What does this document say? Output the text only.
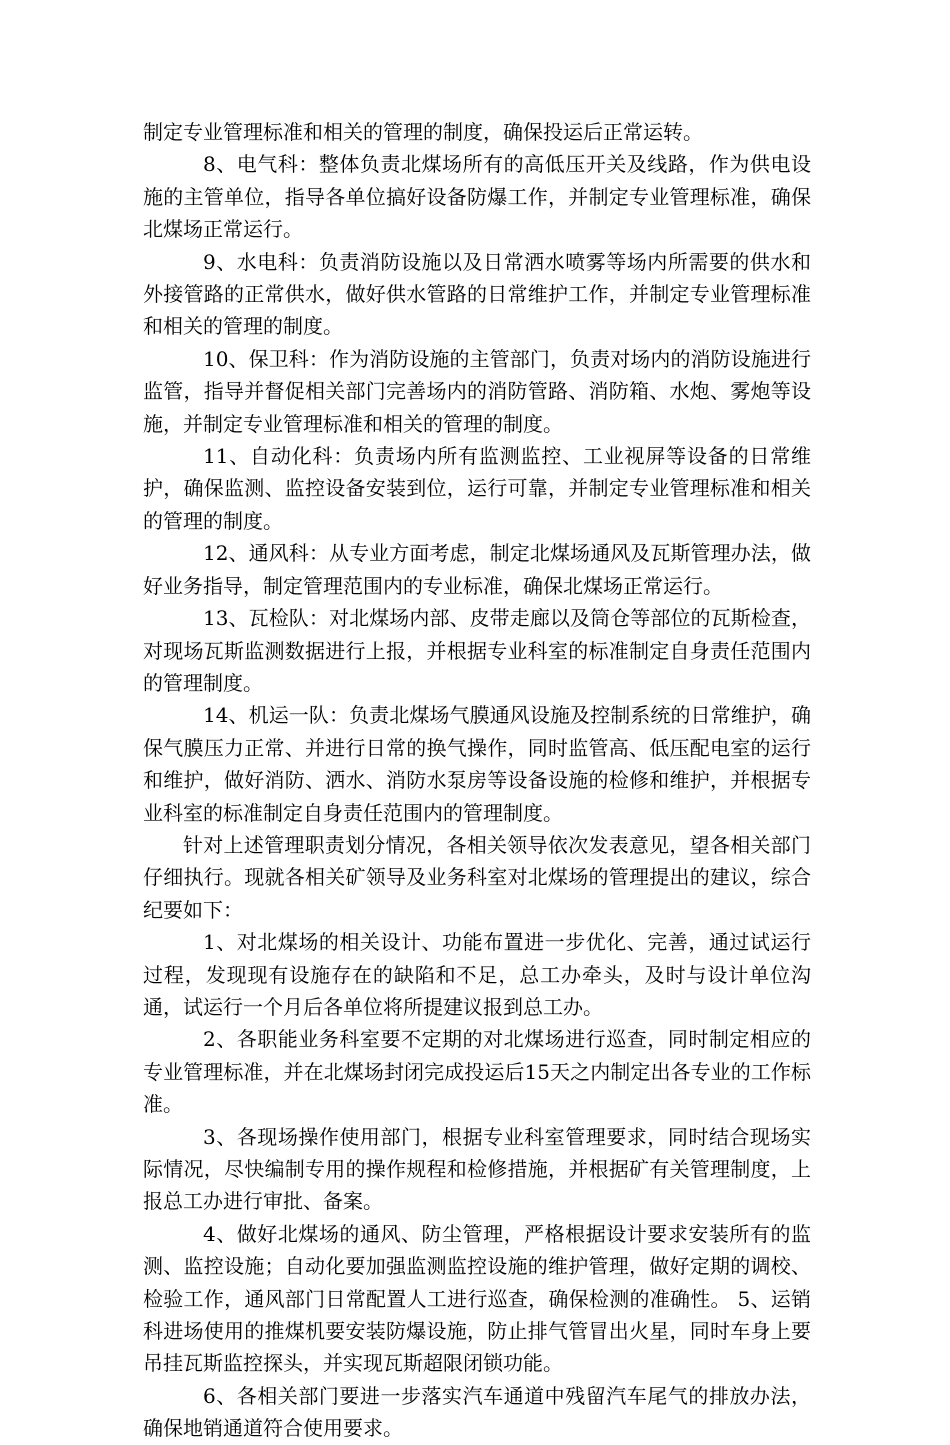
制定专业管理标准和相关的管理的制度，确保投运后正常运转。

8、电气科：整体负责北煤场所有的高低压开关及线路，作为供电设施的主管单位，指导各单位搞好设备防爆工作，并制定专业管理标准，确保北煤场正常运行。

9、水电科：负责消防设施以及日常洒水喷雾等场内所需要的供水和外接管路的正常供水，做好供水管路的日常维护工作，并制定专业管理标准和相关的管理的制度。

10、保卫科：作为消防设施的主管部门，负责对场内的消防设施进行监管，指导并督促相关部门完善场内的消防管路、消防箱、水炮、雾炮等设施，并制定专业管理标准和相关的管理的制度。

11、自动化科：负责场内所有监测监控、工业视屏等设备的日常维护，确保监测、监控设备安装到位，运行可靠，并制定专业管理标准和相关的管理的制度。

12、通风科：从专业方面考虑，制定北煤场通风及瓦斯管理办法，做好业务指导，制定管理范围内的专业标准，确保北煤场正常运行。

13、瓦检队：对北煤场内部、皮带走廊以及筒仓等部位的瓦斯检查，对现场瓦斯监测数据进行上报，并根据专业科室的标准制定自身责任范围内的管理制度。

14、机运一队：负责北煤场气膜通风设施及控制系统的日常维护，确保气膜压力正常、并进行日常的换气操作，同时监管高、低压配电室的运行和维护，做好消防、洒水、消防水泵房等设备设施的检修和维护，并根据专业科室的标准制定自身责任范围内的管理制度。

针对上述管理职责划分情况，各相关领导依次发表意见，望各相关部门仔细执行。现就各相关矿领导及业务科室对北煤场的管理提出的建议，综合纪要如下：

1、对北煤场的相关设计、功能布置进一步优化、完善，通过试运行过程，发现现有设施存在的缺陷和不足，总工办牵头，及时与设计单位沟通，试运行一个月后各单位将所提建议报到总工办。

2、各职能业务科室要不定期的对北煤场进行巡查，同时制定相应的专业管理标准，并在北煤场封闭完成投运后15天之内制定出各专业的工作标准。

3、各现场操作使用部门，根据专业科室管理要求，同时结合现场实际情况，尽快编制专用的操作规程和检修措施，并根据矿有关管理制度，上报总工办进行审批、备案。

4、做好北煤场的通风、防尘管理，严格根据设计要求安装所有的监测、监控设施；自动化要加强监测监控设施的维护管理，做好定期的调校、检验工作，通风部门日常配置人工进行巡查，确保检测的准确性。 5、运销科进场使用的推煤机要安装防爆设施，防止排气管冒出火星，同时车身上要吊挂瓦斯监控探头，并实现瓦斯超限闭锁功能。

6、各相关部门要进一步落实汽车通道中残留汽车尾气的排放办法，确保地销通道符合使用要求。
